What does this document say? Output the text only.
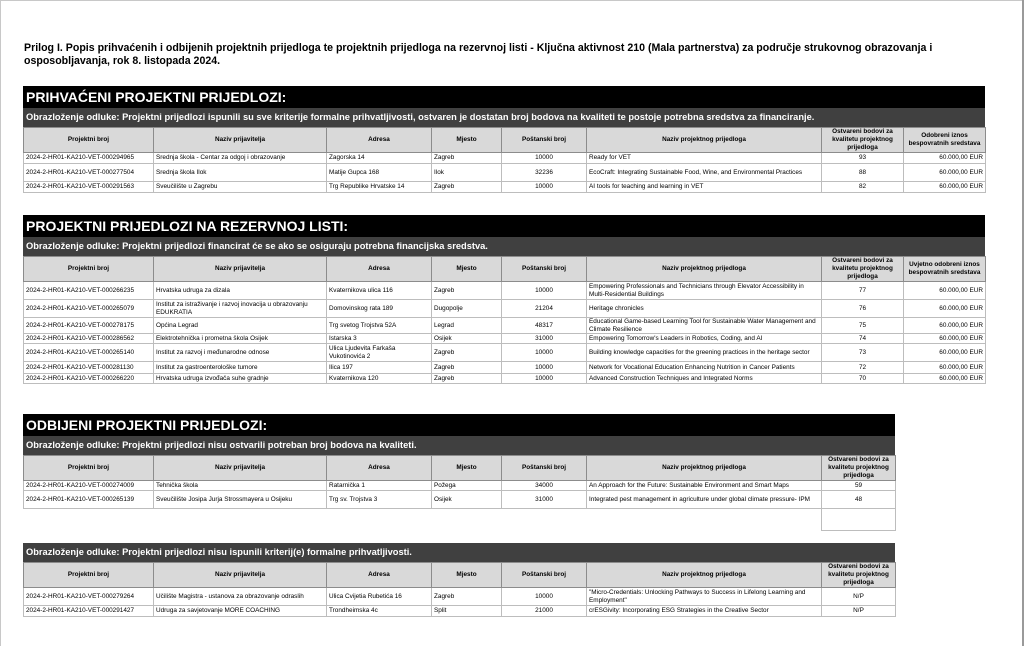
Prilog I. Popis prihvaćenih i odbijenih projektnih prijedloga te projektnih prijedloga na rezervnoj listi - Ključna aktivnost 210 (Mala partnerstva) za područje strukovnog obrazovanja i osposobljavanja, rok 8. listopada 2024.
PRIHVAĆENI PROJEKTNI PRIJEDLOZI:
Obrazloženje odluke: Projektni prijedlozi ispunili su sve kriterije formalne prihvatljivosti, ostvaren je dostatan broj bodova na kvaliteti te postoje potrebna sredstva za financiranje.
Projektni broj	Naziv prijavitelja	Adresa	Mjesto	Poštanski broj	Naziv projektnog prijedloga	Ostvareni bodovi za kvalitetu projektnog prijedloga	Odobreni iznos bespovratnih sredstava
2024-2-HR01-KA210-VET-000294965	Srednja škola - Centar za odgoj i obrazovanje	Zagorska 14	Zagreb	10000	Ready for VET	93	60.000,00 EUR
2024-2-HR01-KA210-VET-000277504	Srednja škola Ilok	Matije Gupca 168	Ilok	32236	EcoCraft: Integrating Sustainable Food, Wine, and Environmental Practices	88	60.000,00 EUR
2024-2-HR01-KA210-VET-000291563	Sveučilište u Zagrebu	Trg Republike Hrvatske 14	Zagreb	10000	AI tools for teaching and learning in VET	82	60.000,00 EUR
PROJEKTNI PRIJEDLOZI NA REZERVNOJ LISTI:
Obrazloženje odluke: Projektni prijedlozi financirat će se ako se osiguraju potrebna financijska sredstva.
Projektni broj	Naziv prijavitelja	Adresa	Mjesto	Poštanski broj	Naziv projektnog prijedloga	Ostvareni bodovi za kvalitetu projektnog prijedloga	Uvjetno odobreni iznos bespovratnih sredstava
2024-2-HR01-KA210-VET-000266235	Hrvatska udruga za dizala	Kvaternikova ulica 116	Zagreb	10000	Empowering Professionals and Technicians through Elevator Accessibility in Multi-Residential Buildings	77	60.000,00 EUR
2024-2-HR01-KA210-VET-000265079	Institut za istraživanje i razvoj inovacija u obrazovanju EDUKRATIA	Domovinskog rata 189	Dugopolje	21204	Heritage chronicles	76	60.000,00 EUR
2024-2-HR01-KA210-VET-000278175	Općina Legrad	Trg svetog Trojstva 52A	Legrad	48317	Educational Game-based Learning Tool for Sustainable Water Management and Climate Resilience	75	60.000,00 EUR
2024-2-HR01-KA210-VET-000286562	Elektrotehnička i prometna škola Osijek	Istarska 3	Osijek	31000	Empowering Tomorrow's Leaders in Robotics, Coding, and AI	74	60.000,00 EUR
2024-2-HR01-KA210-VET-000265140	Institut za razvoj i međunarodne odnose	Ulica Ljudevita Farkaša Vukotinovića 2	Zagreb	10000	Building knowledge capacities for the greening practices in the heritage sector	73	60.000,00 EUR
2024-2-HR01-KA210-VET-000281130	Institut za gastroenterološke tumore	Ilica 197	Zagreb	10000	Network for Vocational Education Enhancing Nutrition in Cancer Patients	72	60.000,00 EUR
2024-2-HR01-KA210-VET-000266220	Hrvatska udruga izvođača suhe gradnje	Kvaternikova 120	Zagreb	10000	Advanced Construction Techniques and Integrated Norms	70	60.000,00 EUR
ODBIJENI PROJEKTNI PRIJEDLOZI:
Obrazloženje odluke: Projektni prijedlozi nisu ostvarili potreban broj bodova na kvaliteti.
Projektni broj	Naziv prijavitelja	Adresa	Mjesto	Poštanski broj	Naziv projektnog prijedloga	Ostvareni bodovi za kvalitetu projektnog prijedloga
2024-2-HR01-KA210-VET-000274009	Tehnička škola	Ratarnička 1	Požega	34000	An Approach for the Future: Sustainable Environment and Smart Maps	59
2024-2-HR01-KA210-VET-000265139	Sveučilište Josipa Jurja Strossmayera u Osijeku	Trg sv. Trojstva 3	Osijek	31000	Integrated pest management in agriculture under global climate pressure- IPM	48

Obrazloženje odluke: Projektni prijedlozi nisu ispunili kriterij(e) formalne prihvatljivosti.
Projektni broj	Naziv prijavitelja	Adresa	Mjesto	Poštanski broj	Naziv projektnog prijedloga	Ostvareni bodovi za kvalitetu projektnog prijedloga
2024-2-HR01-KA210-VET-000279264	Učilište Magistra - ustanova za obrazovanje odraslih	Ulica Cvijetia Rubetića 16	Zagreb	10000	"Micro-Credentials: Unlocking Pathways to Success in Lifelong Learning and Employment"	N/P
2024-2-HR01-KA210-VET-000291427	Udruga za savjetovanje MORE COACHING	Trondheimska 4c	Split	21000	crESGivity: Incorporating ESG Strategies in the Creative Sector	N/P
